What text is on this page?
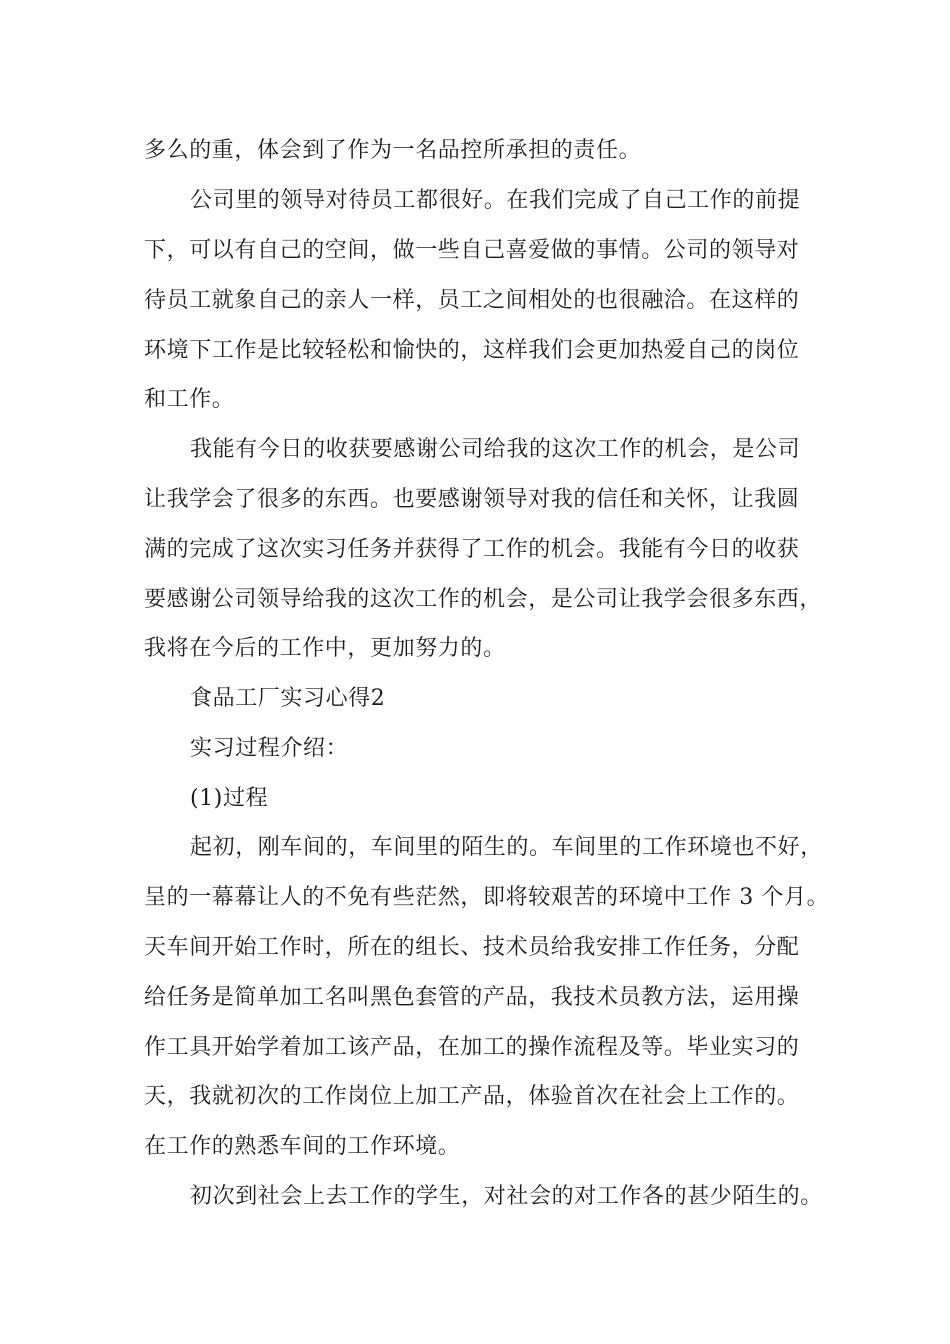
多么的重，体会到了作为一名品控所承担的责任。
公司里的领导对待员工都很好。在我们完成了自己工作的前提
下，可以有自己的空间，做一些自己喜爱做的事情。公司的领导对
待员工就象自己的亲人一样，员工之间相处的也很融洽。在这样的
环境下工作是比较轻松和愉快的，这样我们会更加热爱自己的岗位
和工作。
我能有今日的收获要感谢公司给我的这次工作的机会，是公司
让我学会了很多的东西。也要感谢领导对我的信任和关怀，让我圆
满的完成了这次实习任务并获得了工作的机会。我能有今日的收获
要感谢公司领导给我的这次工作的机会，是公司让我学会很多东西，
我将在今后的工作中，更加努力的。
食品工厂实习心得2
实习过程介绍：
(1)过程
起初，刚车间的，车间里的陌生的。车间里的工作环境也不好，
呈的一幕幕让人的不免有些茫然，即将较艰苦的环境中工作 3 个月。
天车间开始工作时，所在的组长、技术员给我安排工作任务，分配
给任务是简单加工名叫黑色套管的产品，我技术员教方法，运用操
作工具开始学着加工该产品，在加工的操作流程及等。毕业实习的
天，我就初次的工作岗位上加工产品，体验首次在社会上工作的。
在工作的熟悉车间的工作环境。
初次到社会上去工作的学生，对社会的对工作各的甚少陌生的。
